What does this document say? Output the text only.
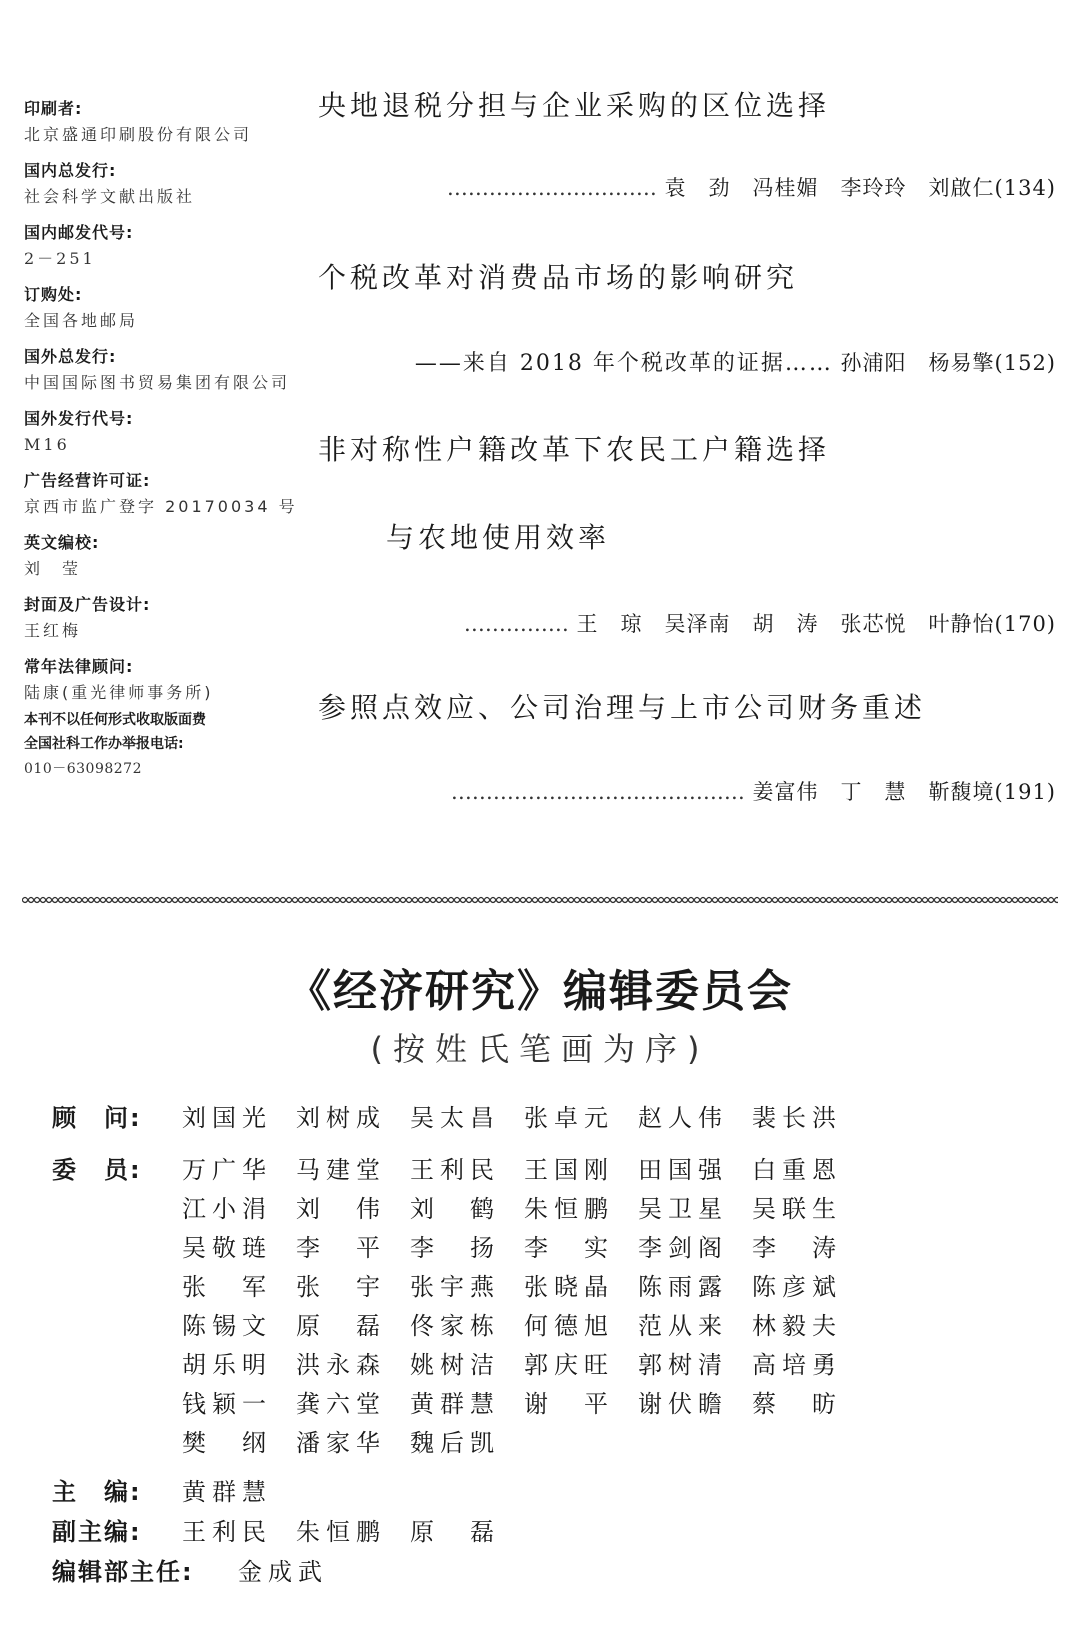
印刷者:
北京盛通印刷股份有限公司
国内总发行:
社会科学文献出版社
国内邮发代号:
2－251
订购处:
全国各地邮局
国外总发行:
中国国际图书贸易集团有限公司
国外发行代号:
M16
广告经营许可证:
京西市监广登字 20170034 号
英文编校:
刘　莹
封面及广告设计:
王红梅
常年法律顾问:
陆康(重光律师事务所)
本刊不以任何形式收取版面费
全国社科工作办举报电话:
010－63098272
央地退税分担与企业采购的区位选择
………………………… 袁　劲　冯桂媚　李玲玲　刘啟仁(134)
个税改革对消费品市场的影响研究
——来自 2018 年个税改革的证据…… 孙浦阳　杨易擎(152)
非对称性户籍改革下农民工户籍选择
与农地使用效率
…………… 王　琼　吴泽南　胡　涛　张芯悦　叶静怡(170)
参照点效应、公司治理与上市公司财务重述
…………………………………… 姜富伟　丁　慧　靳馥境(191)
《经济研究》编辑委员会
(按姓氏笔画为序)
顾　问: 刘国光	刘树成	吴太昌	张卓元	赵人伟	裴长洪
委　员: 万广华	马建堂	王利民	王国刚	田国强	白重恩
江小涓	刘　伟	刘　鹤	朱恒鹏	吴卫星	吴联生
吴敬琏	李　平	李　扬	李　实	李剑阁	李　涛
张　军	张　宇	张宇燕	张晓晶	陈雨露	陈彦斌
陈锡文	原　磊	佟家栋	何德旭	范从来	林毅夫
胡乐明	洪永森	姚树洁	郭庆旺	郭树清	高培勇
钱颖一	龚六堂	黄群慧	谢　平	谢伏瞻	蔡　昉
樊　纲	潘家华	魏后凯
主　编: 黄群慧
副主编: 王利民	朱恒鹏	原　磊
编辑部主任: 金成武
